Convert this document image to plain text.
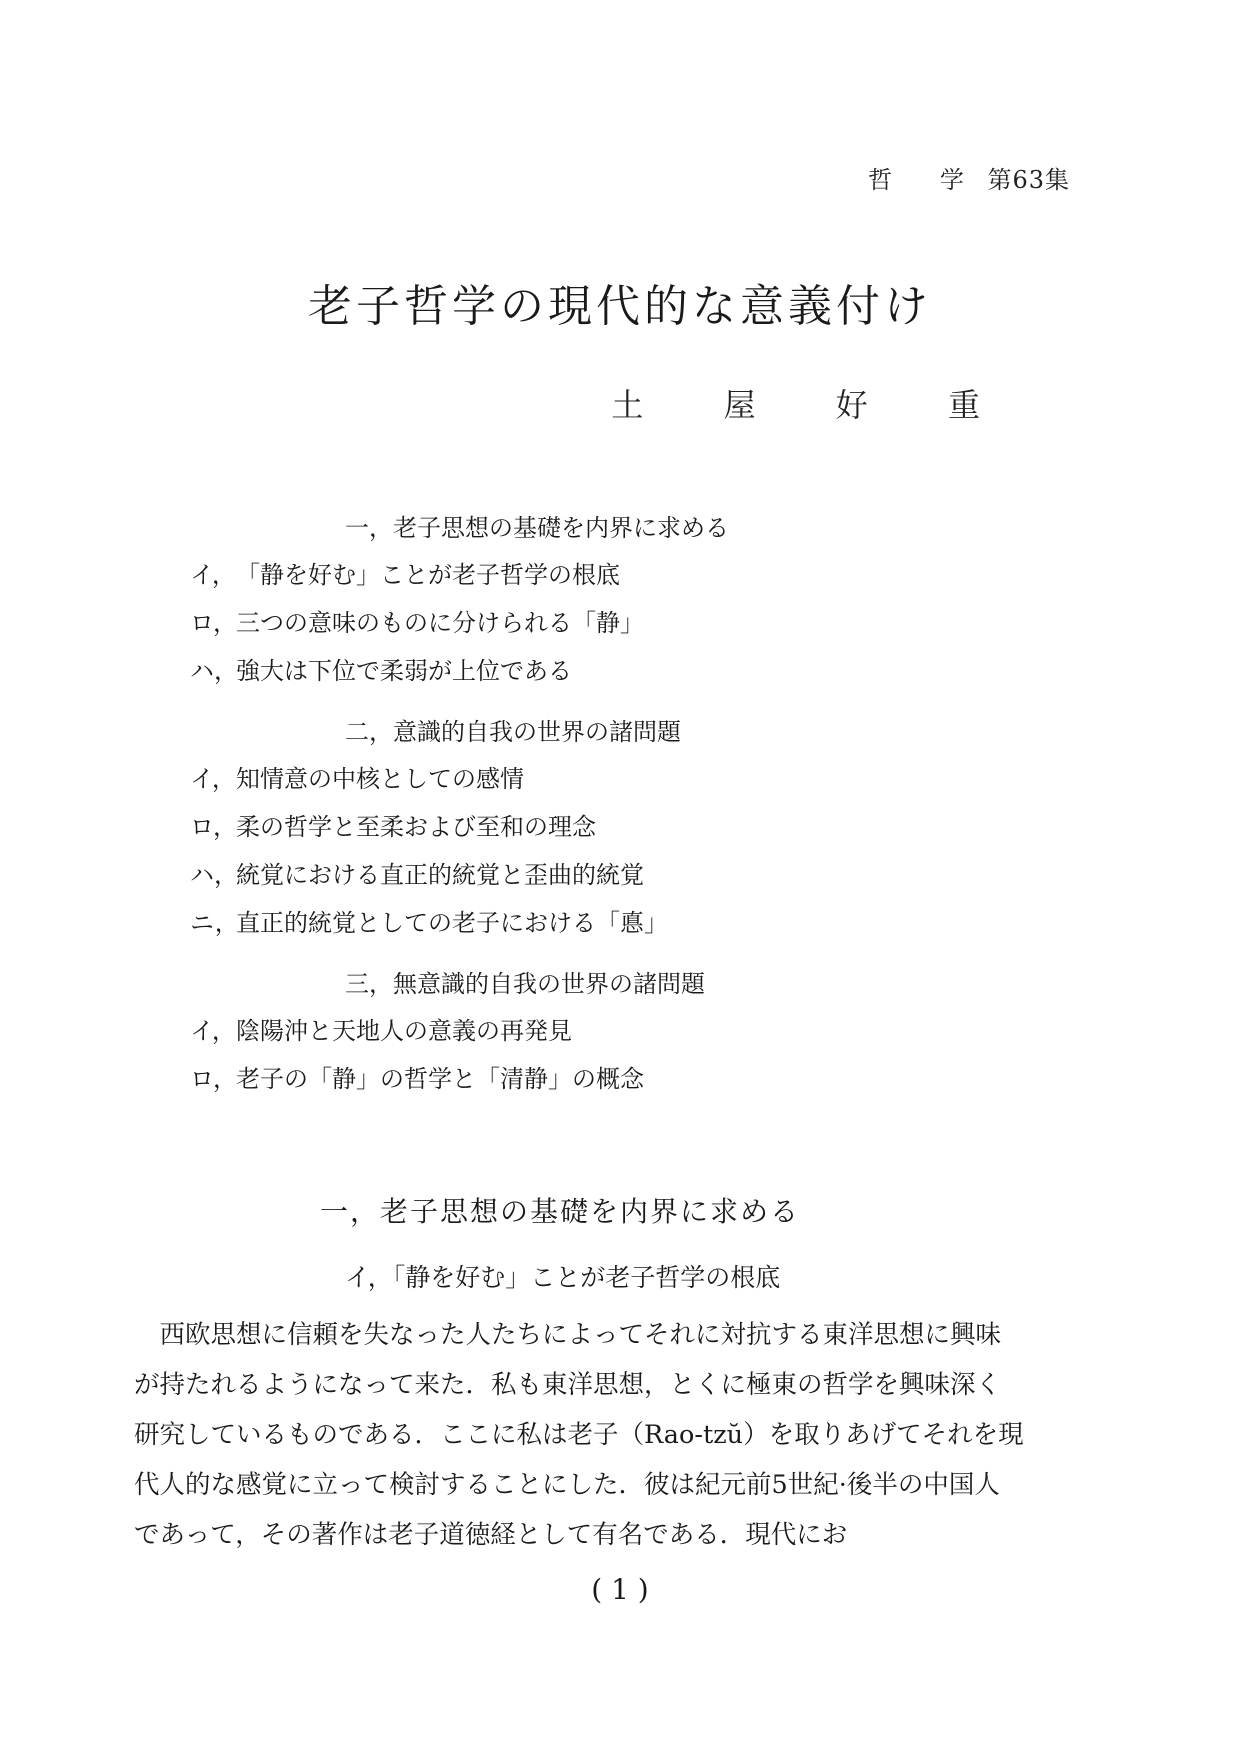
哲 学 第63集
老子哲学の現代的な意義付け
土	屋	好	重
一，老子思想の基礎を内界に求める
イ，「静を好む」ことが老子哲学の根底
ロ，三つの意味のものに分けられる「静」
ハ，強大は下位で柔弱が上位である
二，意識的自我の世界の諸問題
イ，知情意の中核としての感情
ロ，柔の哲学と至柔および至和の理念
ハ，統覚における直正的統覚と歪曲的統覚
ニ，直正的統覚としての老子における「悳」
三，無意識的自我の世界の諸問題
イ，陰陽沖と天地人の意義の再発見
ロ，老子の「静」の哲学と「清静」の概念
一，老子思想の基礎を内界に求める
イ，「静を好む」ことが老子哲学の根底

西欧思想に信頼を失なった人たちによってそれに対抗する東洋思想に興味が持たれるようになって来た．私も東洋思想，とくに極東の哲学を興味深く研究しているものである．ここに私は老子（Rao-tzŭ）を取りあげてそれを現代人的な感覚に立って検討することにした．彼は紀元前5世紀·後半の中国人であって，その著作は老子道徳経として有名である．現代にお

( 1 )
